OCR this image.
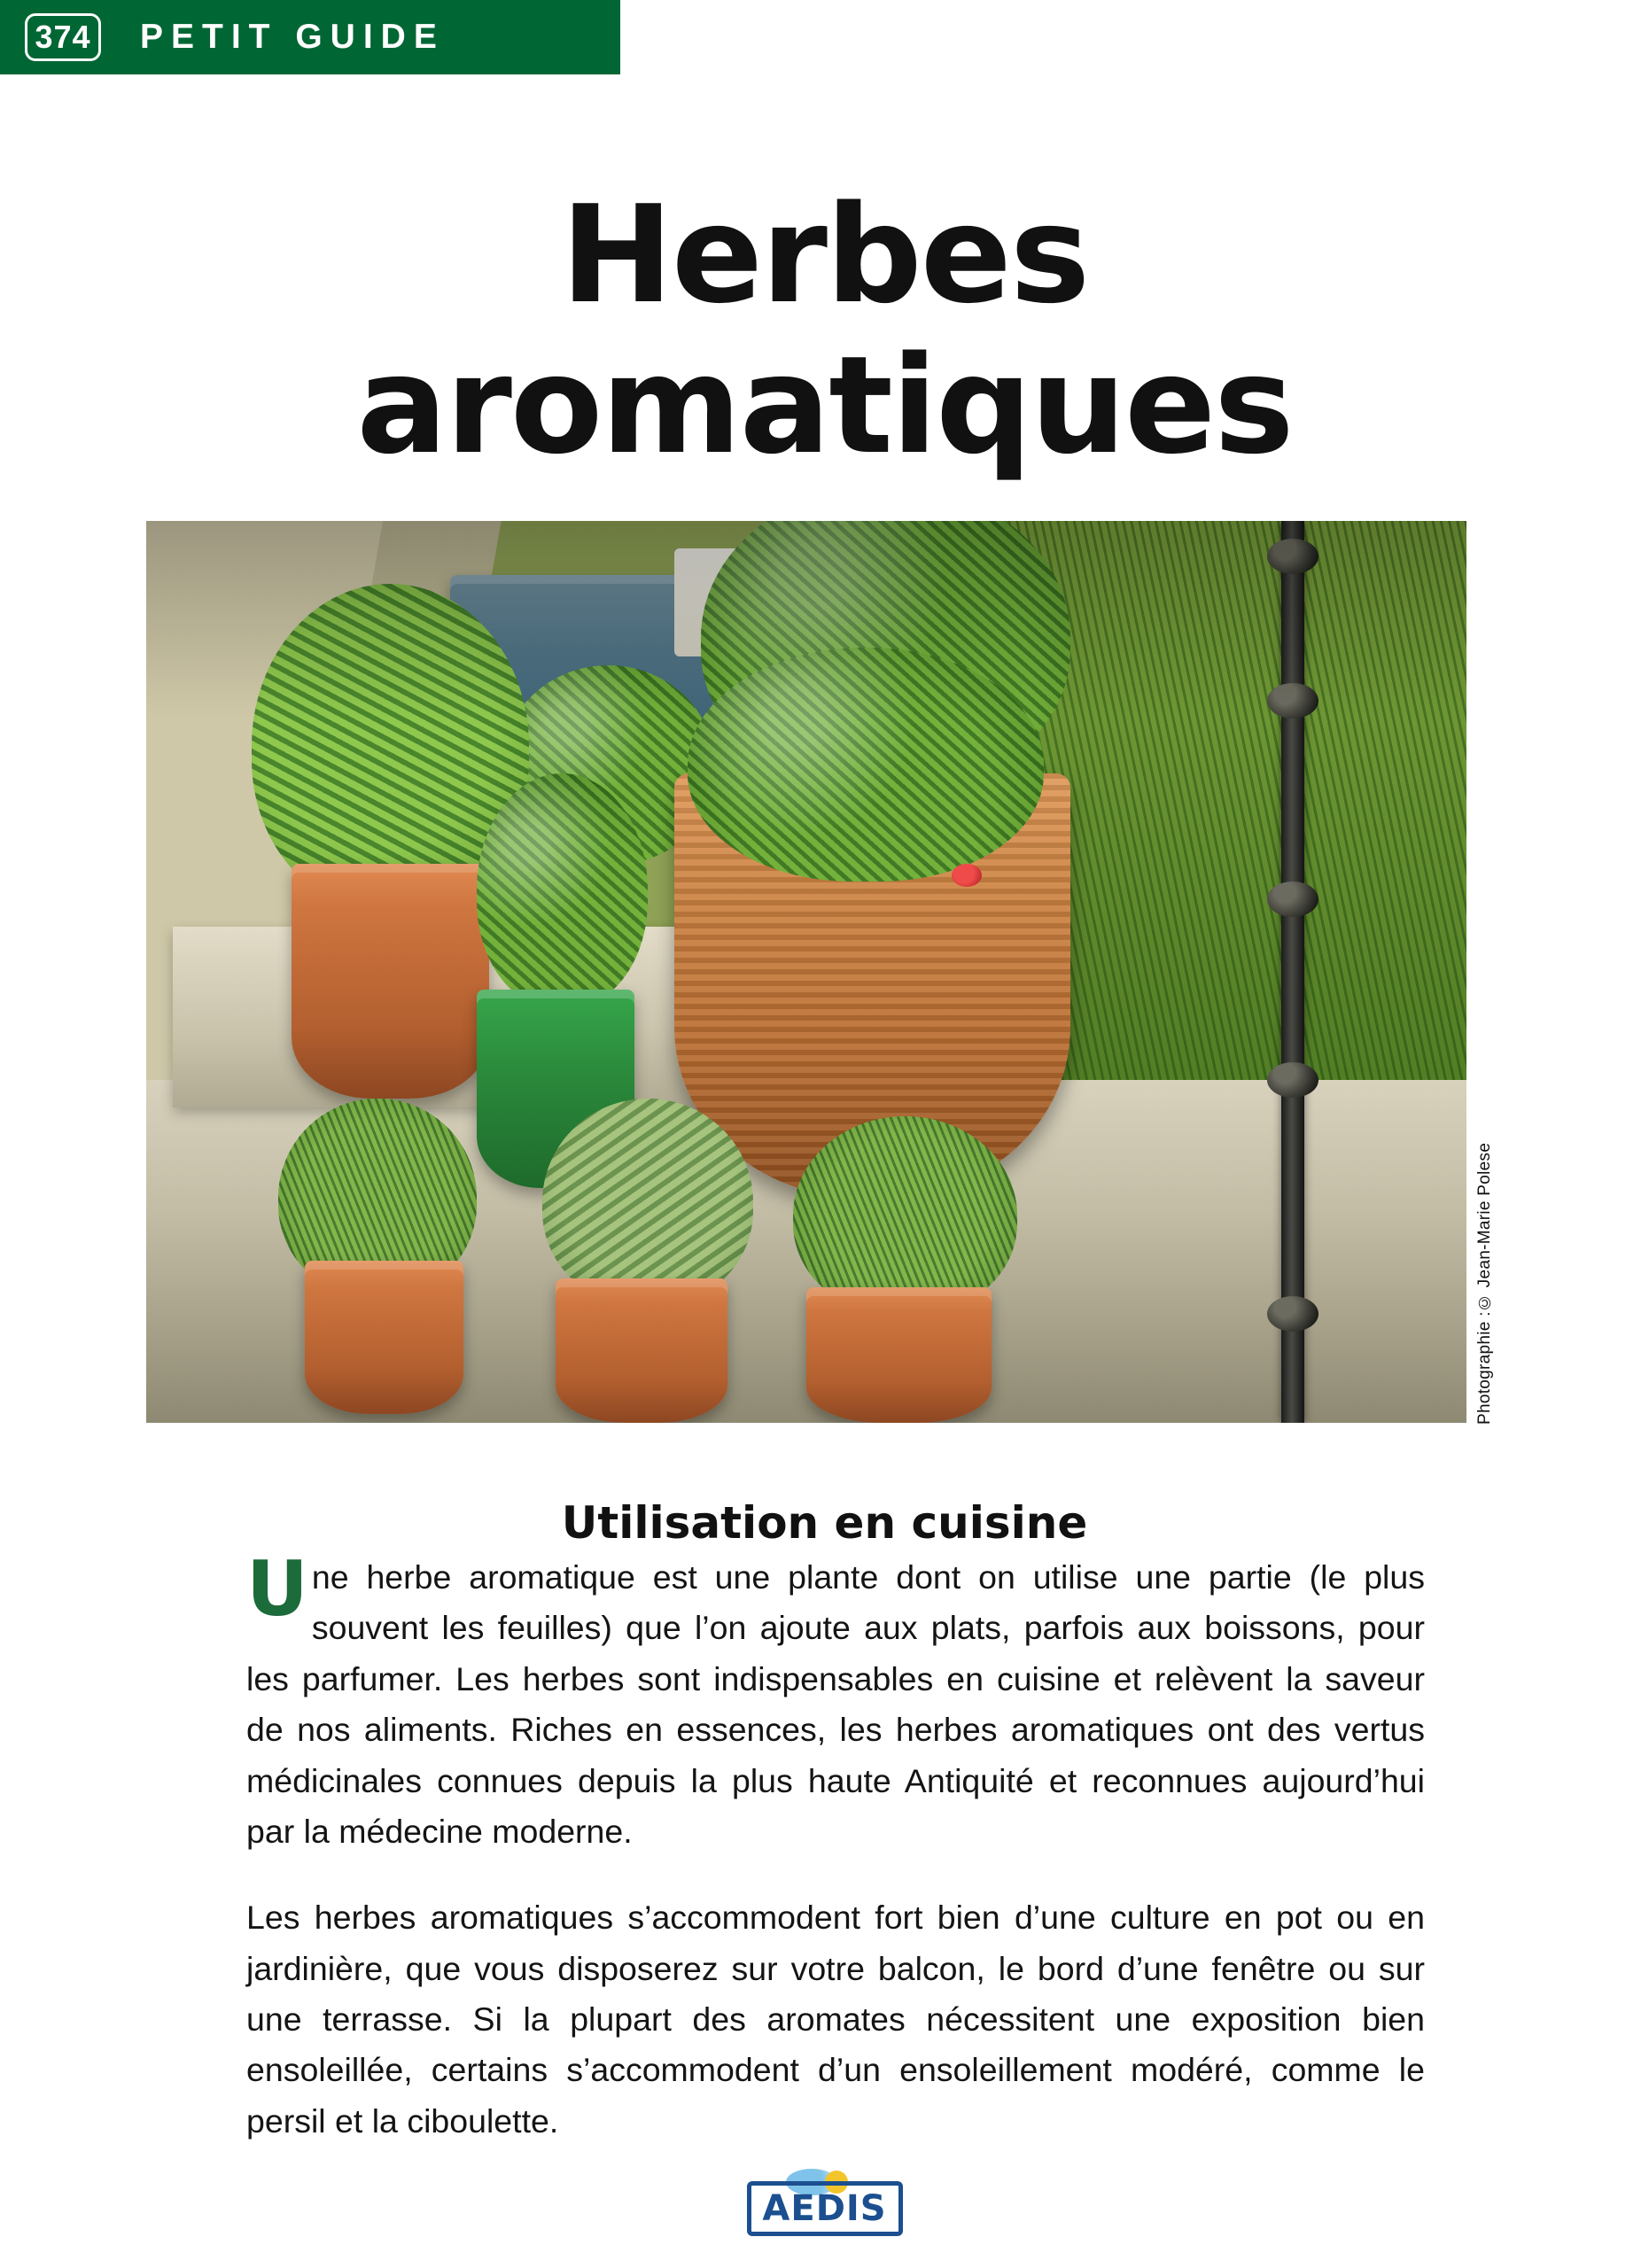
374 PETIT GUIDE
Herbes
aromatiques
Photographie :© Jean-Marie Polese
Utilisation en cuisine

Une herbe aromatique est une plante dont on utilise une partie (le plus souvent les feuilles) que l’on ajoute aux plats, parfois aux boissons, pour les parfumer. Les herbes sont indispensables en cuisine et relèvent la saveur de nos aliments. Riches en essences, les herbes aromatiques ont des vertus médicinales connues depuis la plus haute Antiquité et reconnues aujourd’hui par la médecine moderne.

Les herbes aromatiques s’accommodent fort bien d’une culture en pot ou en jardinière, que vous disposerez sur votre balcon, le bord d’une fenêtre ou sur une terrasse. Si la plupart des aromates nécessitent une exposition bien ensoleillée, certains s’accommodent d’un ensoleillement modéré, comme le persil et la ciboulette.

AEDIS
